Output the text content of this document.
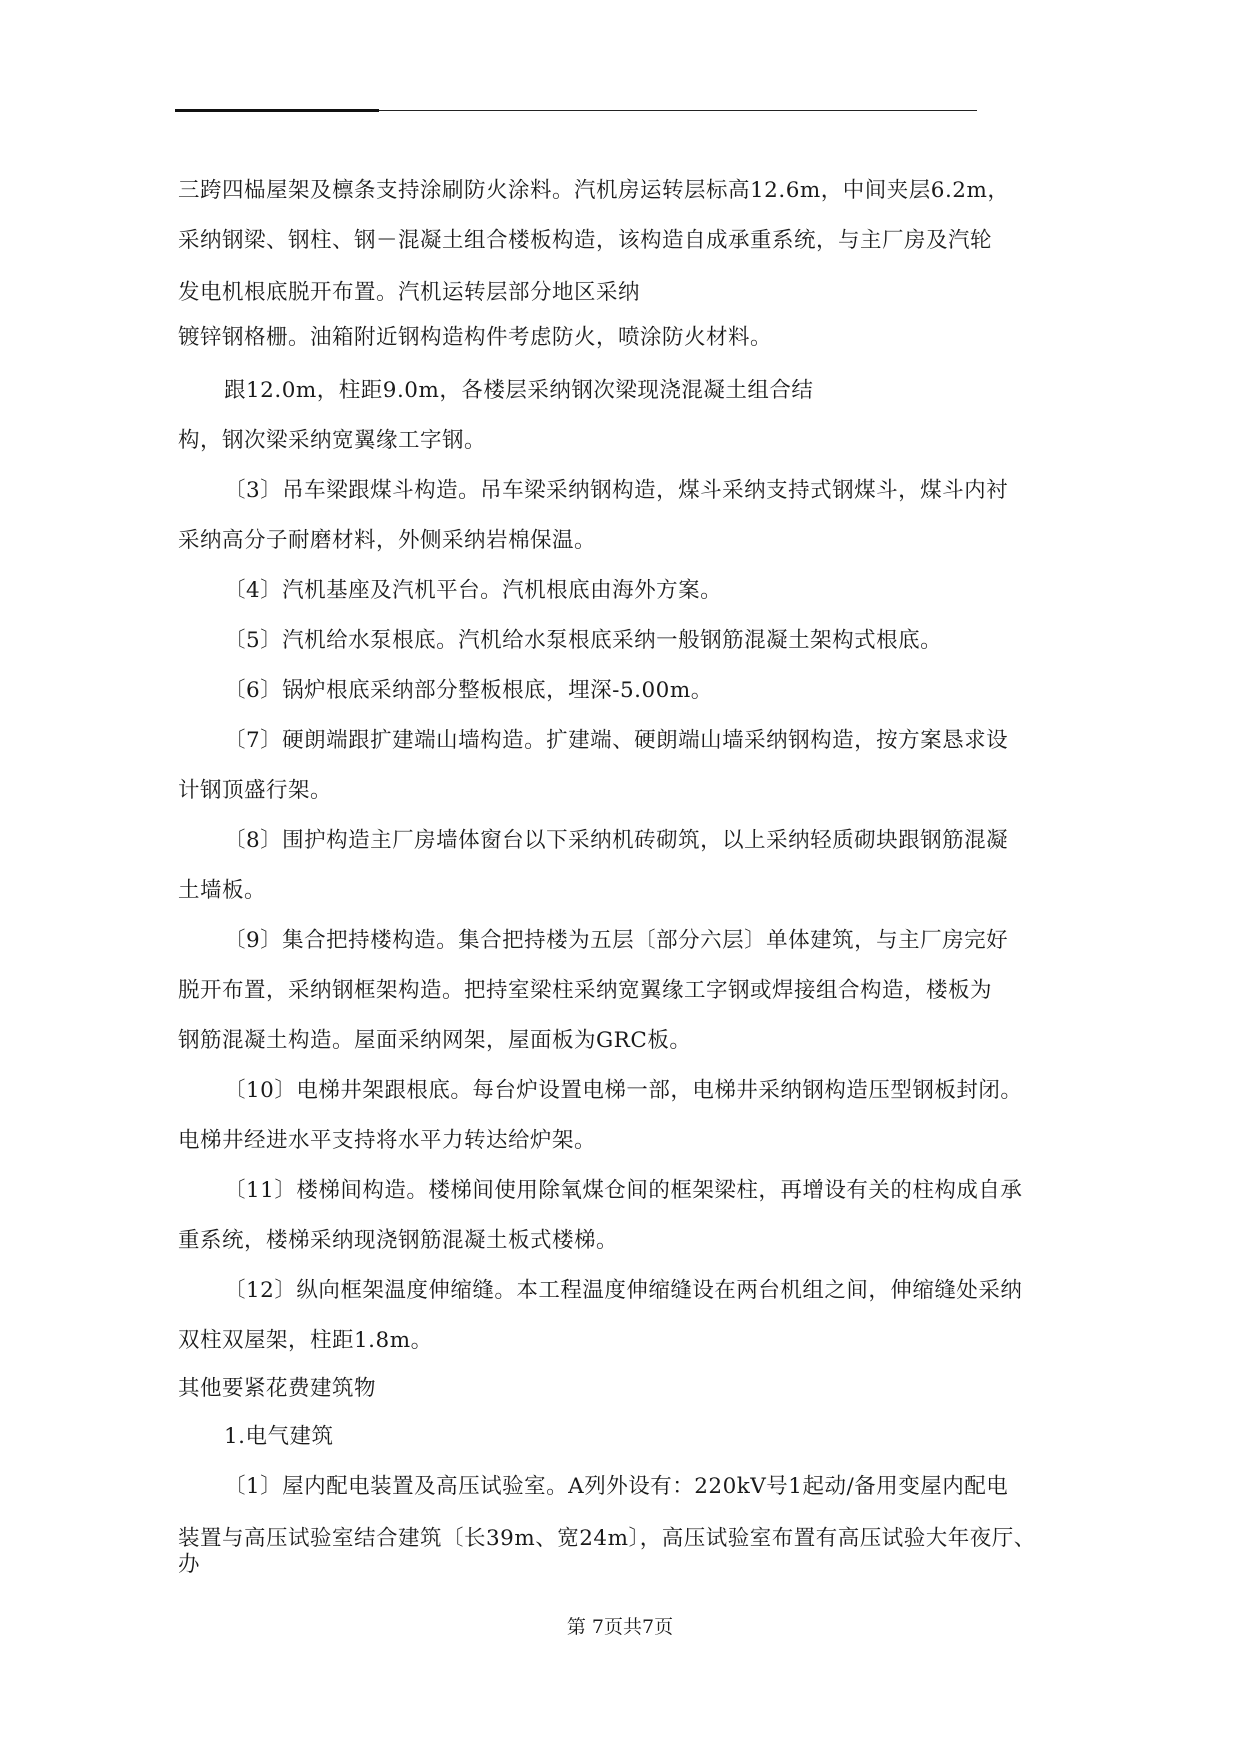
三跨四榀屋架及檩条支持涂刷防火涂料。汽机房运转层标高12.6m，中间夹层6.2m，
采纳钢梁、钢柱、钢－混凝土组合楼板构造，该构造自成承重系统，与主厂房及汽轮
发电机根底脱开布置。汽机运转层部分地区采纳
镀锌钢格栅。油箱附近钢构造构件考虑防火，喷涂防火材料。
跟12.0m，柱距9.0m，各楼层采纳钢次梁现浇混凝土组合结
构，钢次梁采纳宽翼缘工字钢。
〔3〕吊车梁跟煤斗构造。吊车梁采纳钢构造，煤斗采纳支持式钢煤斗，煤斗内衬
采纳高分子耐磨材料，外侧采纳岩棉保温。
〔4〕汽机基座及汽机平台。汽机根底由海外方案。
〔5〕汽机给水泵根底。汽机给水泵根底采纳一般钢筋混凝土架构式根底。
〔6〕锅炉根底采纳部分整板根底，埋深-5.00m。
〔7〕硬朗端跟扩建端山墙构造。扩建端、硬朗端山墙采纳钢构造，按方案恳求设
计钢顶盛行架。
〔8〕围护构造主厂房墙体窗台以下采纳机砖砌筑，以上采纳轻质砌块跟钢筋混凝
土墙板。
〔9〕集合把持楼构造。集合把持楼为五层〔部分六层〕单体建筑，与主厂房完好
脱开布置，采纳钢框架构造。把持室梁柱采纳宽翼缘工字钢或焊接组合构造，楼板为
钢筋混凝土构造。屋面采纳网架，屋面板为GRC板。
〔10〕电梯井架跟根底。每台炉设置电梯一部，电梯井采纳钢构造压型钢板封闭。
电梯井经进水平支持将水平力转达给炉架。
〔11〕楼梯间构造。楼梯间使用除氧煤仓间的框架梁柱，再增设有关的柱构成自承
重系统，楼梯采纳现浇钢筋混凝土板式楼梯。
〔12〕纵向框架温度伸缩缝。本工程温度伸缩缝设在两台机组之间，伸缩缝处采纳
双柱双屋架，柱距1.8m。
其他要紧花费建筑物
1.电气建筑
〔1〕屋内配电装置及高压试验室。A列外设有：220kV号1起动/备用变屋内配电
装置与高压试验室结合建筑〔长39m、宽24m〕，高压试验室布置有高压试验大年夜厅、
办
第 7页共7页
